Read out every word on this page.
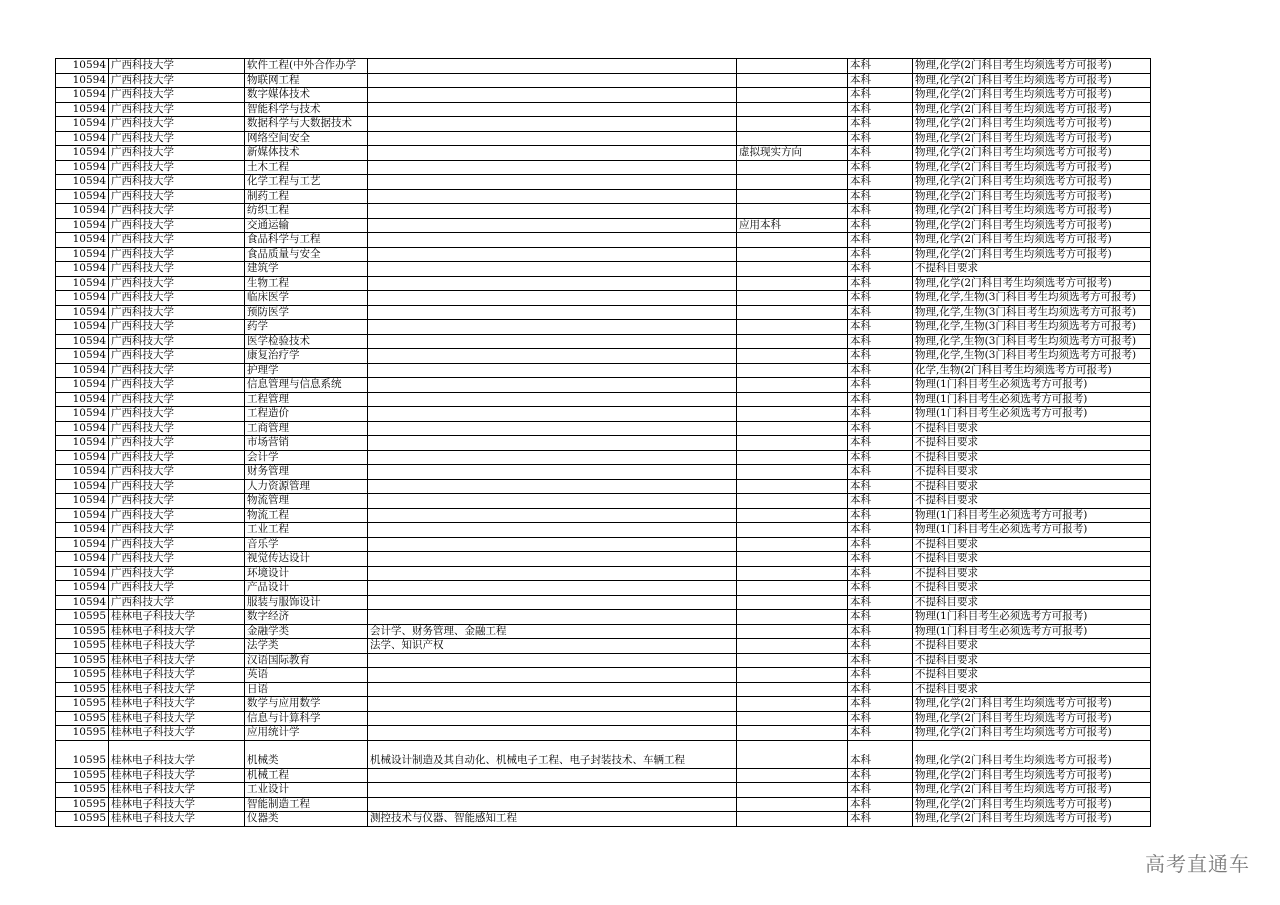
10594	广西科技大学	软件工程(中外合作办学			本科	物理,化学(2门科目考生均须选考方可报考)
10594	广西科技大学	物联网工程			本科	物理,化学(2门科目考生均须选考方可报考)
10594	广西科技大学	数字媒体技术			本科	物理,化学(2门科目考生均须选考方可报考)
10594	广西科技大学	智能科学与技术			本科	物理,化学(2门科目考生均须选考方可报考)
10594	广西科技大学	数据科学与大数据技术			本科	物理,化学(2门科目考生均须选考方可报考)
10594	广西科技大学	网络空间安全			本科	物理,化学(2门科目考生均须选考方可报考)
10594	广西科技大学	新媒体技术		虚拟现实方向	本科	物理,化学(2门科目考生均须选考方可报考)
10594	广西科技大学	土木工程			本科	物理,化学(2门科目考生均须选考方可报考)
10594	广西科技大学	化学工程与工艺			本科	物理,化学(2门科目考生均须选考方可报考)
10594	广西科技大学	制药工程			本科	物理,化学(2门科目考生均须选考方可报考)
10594	广西科技大学	纺织工程			本科	物理,化学(2门科目考生均须选考方可报考)
10594	广西科技大学	交通运输		应用本科	本科	物理,化学(2门科目考生均须选考方可报考)
10594	广西科技大学	食品科学与工程			本科	物理,化学(2门科目考生均须选考方可报考)
10594	广西科技大学	食品质量与安全			本科	物理,化学(2门科目考生均须选考方可报考)
10594	广西科技大学	建筑学			本科	不提科目要求
10594	广西科技大学	生物工程			本科	物理,化学(2门科目考生均须选考方可报考)
10594	广西科技大学	临床医学			本科	物理,化学,生物(3门科目考生均须选考方可报考)
10594	广西科技大学	预防医学			本科	物理,化学,生物(3门科目考生均须选考方可报考)
10594	广西科技大学	药学			本科	物理,化学,生物(3门科目考生均须选考方可报考)
10594	广西科技大学	医学检验技术			本科	物理,化学,生物(3门科目考生均须选考方可报考)
10594	广西科技大学	康复治疗学			本科	物理,化学,生物(3门科目考生均须选考方可报考)
10594	广西科技大学	护理学			本科	化学,生物(2门科目考生均须选考方可报考)
10594	广西科技大学	信息管理与信息系统			本科	物理(1门科目考生必须选考方可报考)
10594	广西科技大学	工程管理			本科	物理(1门科目考生必须选考方可报考)
10594	广西科技大学	工程造价			本科	物理(1门科目考生必须选考方可报考)
10594	广西科技大学	工商管理			本科	不提科目要求
10594	广西科技大学	市场营销			本科	不提科目要求
10594	广西科技大学	会计学			本科	不提科目要求
10594	广西科技大学	财务管理			本科	不提科目要求
10594	广西科技大学	人力资源管理			本科	不提科目要求
10594	广西科技大学	物流管理			本科	不提科目要求
10594	广西科技大学	物流工程			本科	物理(1门科目考生必须选考方可报考)
10594	广西科技大学	工业工程			本科	物理(1门科目考生必须选考方可报考)
10594	广西科技大学	音乐学			本科	不提科目要求
10594	广西科技大学	视觉传达设计			本科	不提科目要求
10594	广西科技大学	环境设计			本科	不提科目要求
10594	广西科技大学	产品设计			本科	不提科目要求
10594	广西科技大学	服装与服饰设计			本科	不提科目要求
10595	桂林电子科技大学	数字经济			本科	物理(1门科目考生必须选考方可报考)
10595	桂林电子科技大学	金融学类	会计学、财务管理、金融工程		本科	物理(1门科目考生必须选考方可报考)
10595	桂林电子科技大学	法学类	法学、知识产权		本科	不提科目要求
10595	桂林电子科技大学	汉语国际教育			本科	不提科目要求
10595	桂林电子科技大学	英语			本科	不提科目要求
10595	桂林电子科技大学	日语			本科	不提科目要求
10595	桂林电子科技大学	数学与应用数学			本科	物理,化学(2门科目考生均须选考方可报考)
10595	桂林电子科技大学	信息与计算科学			本科	物理,化学(2门科目考生均须选考方可报考)
10595	桂林电子科技大学	应用统计学			本科	物理,化学(2门科目考生均须选考方可报考)
10595	桂林电子科技大学	机械类	机械设计制造及其自动化、机械电子工程、电子封装技术、车辆工程		本科	物理,化学(2门科目考生均须选考方可报考)
10595	桂林电子科技大学	机械工程			本科	物理,化学(2门科目考生均须选考方可报考)
10595	桂林电子科技大学	工业设计			本科	物理,化学(2门科目考生均须选考方可报考)
10595	桂林电子科技大学	智能制造工程			本科	物理,化学(2门科目考生均须选考方可报考)
10595	桂林电子科技大学	仪器类	测控技术与仪器、智能感知工程		本科	物理,化学(2门科目考生均须选考方可报考)
高考直通车
